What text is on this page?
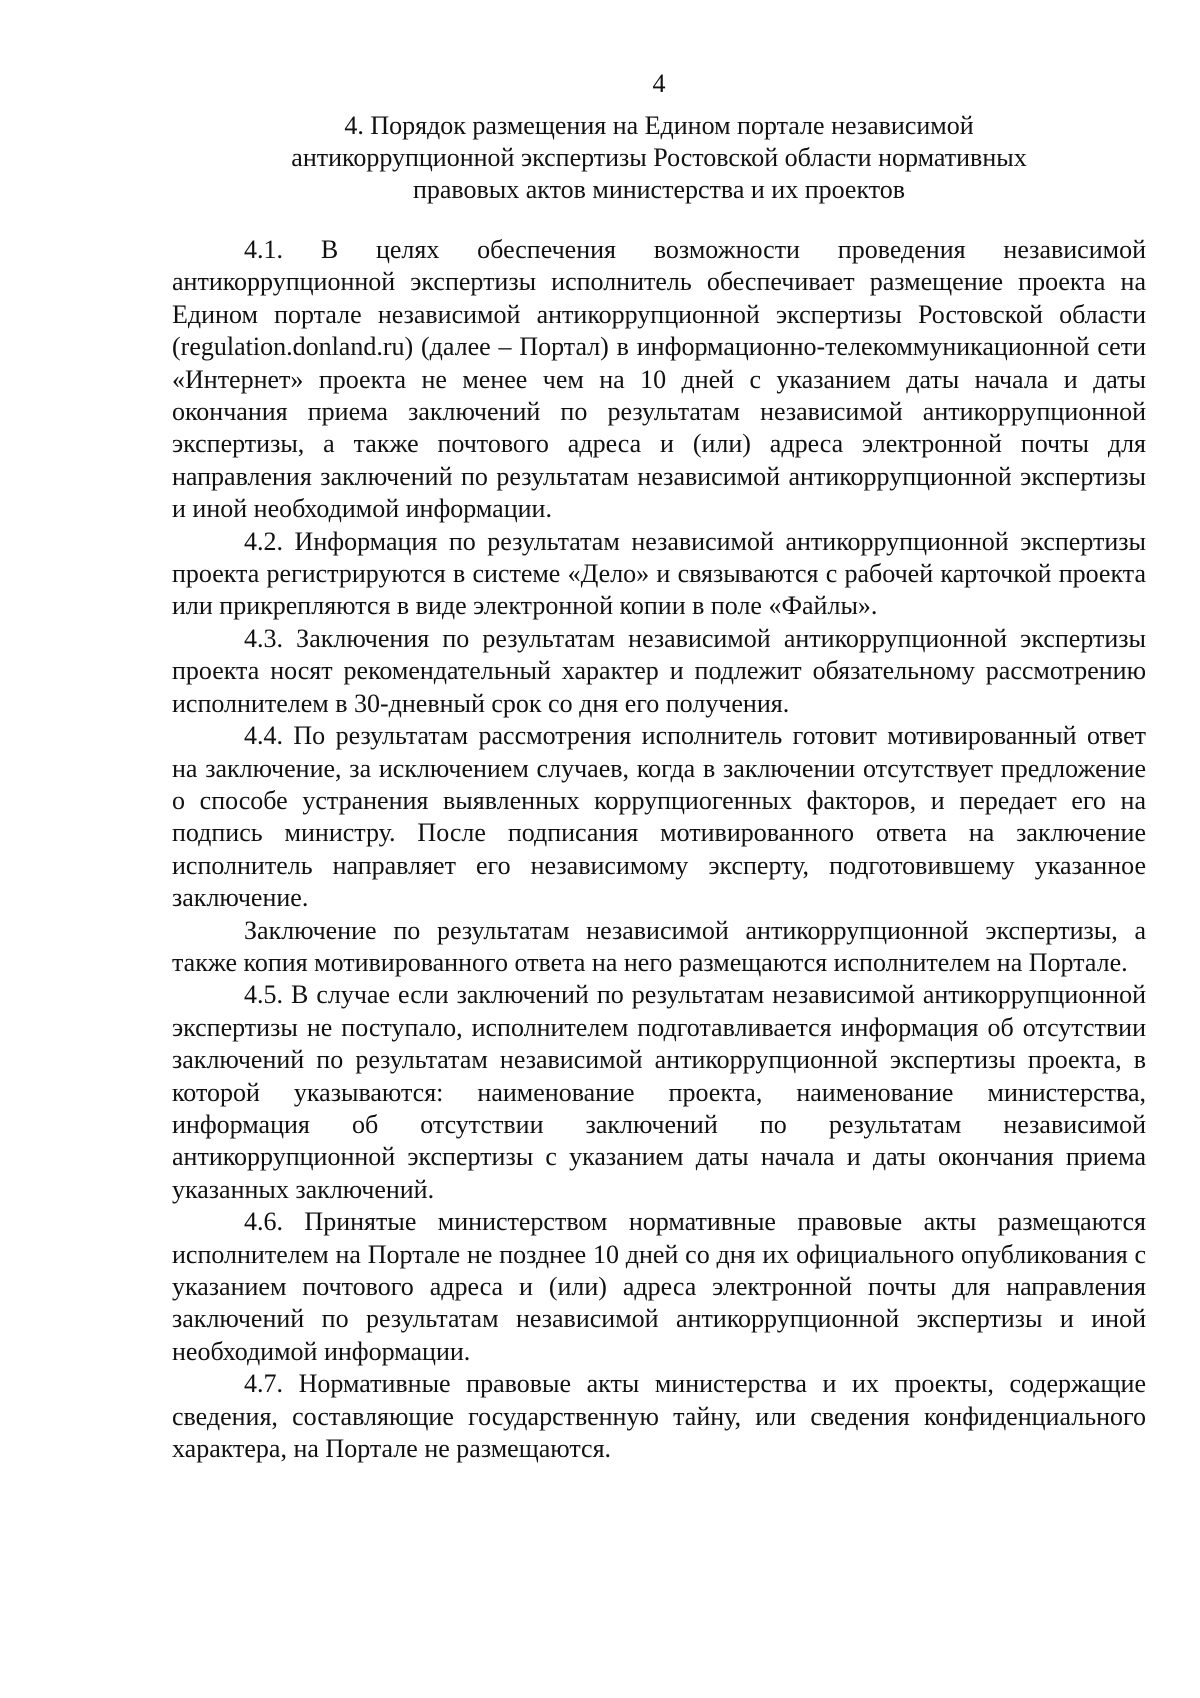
4
4. Порядок размещения на Едином портале независимой
антикоррупционной экспертизы Ростовской области нормативных
правовых актов министерства и их проектов

4.1. В целях обеспечения возможности проведения независимой антикоррупционной экспертизы исполнитель обеспечивает размещение проекта на Едином портале независимой антикоррупционной экспертизы Ростовской области (regulation.donland.ru) (далее – Портал) в информационно-телекоммуникационной сети «Интернет» проекта не менее чем на 10 дней с указанием даты начала и даты окончания приема заключений по результатам независимой антикоррупционной экспертизы, а также почтового адреса и (или) адреса электронной почты для направления заключений по результатам независимой антикоррупционной экспертизы и иной необходимой информации.

4.2. Информация по результатам независимой антикоррупционной экспертизы проекта регистрируются в системе «Дело» и связываются с рабочей карточкой проекта или прикрепляются в виде электронной копии в поле «Файлы».

4.3. Заключения по результатам независимой антикоррупционной экспертизы проекта носят рекомендательный характер и подлежит обязательному рассмотрению исполнителем в 30-дневный срок со дня его получения.

4.4. По результатам рассмотрения исполнитель готовит мотивированный ответ на заключение, за исключением случаев, когда в заключении отсутствует предложение о способе устранения выявленных коррупциогенных факторов, и передает его на подпись министру. После подписания мотивированного ответа на заключение исполнитель направляет его независимому эксперту, подготовившему указанное заключение.

Заключение по результатам независимой антикоррупционной экспертизы, а также копия мотивированного ответа на него размещаются исполнителем на Портале.

4.5. В случае если заключений по результатам независимой антикоррупционной экспертизы не поступало, исполнителем подготавливается информация об отсутствии заключений по результатам независимой антикоррупционной экспертизы проекта, в которой указываются: наименование проекта, наименование министерства, информация об отсутствии заключений по результатам независимой антикоррупционной экспертизы с указанием даты начала и даты окончания приема указанных заключений.

4.6. Принятые министерством нормативные правовые акты размещаются исполнителем на Портале не позднее 10 дней со дня их официального опубликования с указанием почтового адреса и (или) адреса электронной почты для направления заключений по результатам независимой антикоррупционной экспертизы и иной необходимой информации.

4.7. Нормативные правовые акты министерства и их проекты, содержащие сведения, составляющие государственную тайну, или сведения конфиденциального характера, на Портале не размещаются.
